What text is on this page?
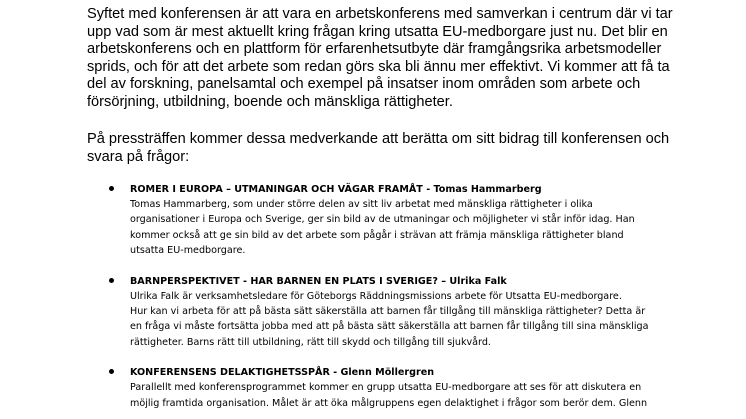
Syftet med konferensen är att vara en arbetskonferens med samverkan i centrum där vi tar upp vad som är mest aktuellt kring frågan kring utsatta EU-medborgare just nu. Det blir en arbetskonferens och en plattform för erfarenhetsutbyte där framgångsrika arbetsmodeller sprids, och för att det arbete som redan görs ska bli ännu mer effektivt. Vi kommer att få ta del av forskning, panelsamtal och exempel på insatser inom områden som arbete och försörjning, utbildning, boende och mänskliga rättigheter.

På pressträffen kommer dessa medverkande att berätta om sitt bidrag till konferensen och svara på frågor:

ROMER I EUROPA – UTMANINGAR OCH VÄGAR FRAMÅT - Tomas Hammarberg

Tomas Hammarberg, som under större delen av sitt liv arbetat med mänskliga rättigheter i olika organisationer i Europa och Sverige, ger sin bild av de utmaningar och möjligheter vi står inför idag. Han kommer också att ge sin bild av det arbete som pågår i strävan att främja mänskliga rättigheter bland utsatta EU-medborgare.

BARNPERSPEKTIVET - HAR BARNEN EN PLATS I SVERIGE? – Ulrika Falk

Ulrika Falk är verksamhetsledare för Göteborgs Räddningsmissions arbete för Utsatta EU-medborgare.

Hur kan vi arbeta för att på bästa sätt säkerställa att barnen får tillgång till mänskliga rättigheter? Detta är en fråga vi måste fortsätta jobba med att på bästa sätt säkerställa att barnen får tillgång till sina mänskliga rättigheter. Barns rätt till utbildning, rätt till skydd och tillgång till sjukvård.

KONFERENSENS DELAKTIGHETSSPÅR - Glenn Möllergren

Parallellt med konferensprogrammet kommer en grupp utsatta EU-medborgare att ses för att diskutera en möjlig framtida organisation. Målet är att öka målgruppens egen delaktighet i frågor som berör dem. Glenn
